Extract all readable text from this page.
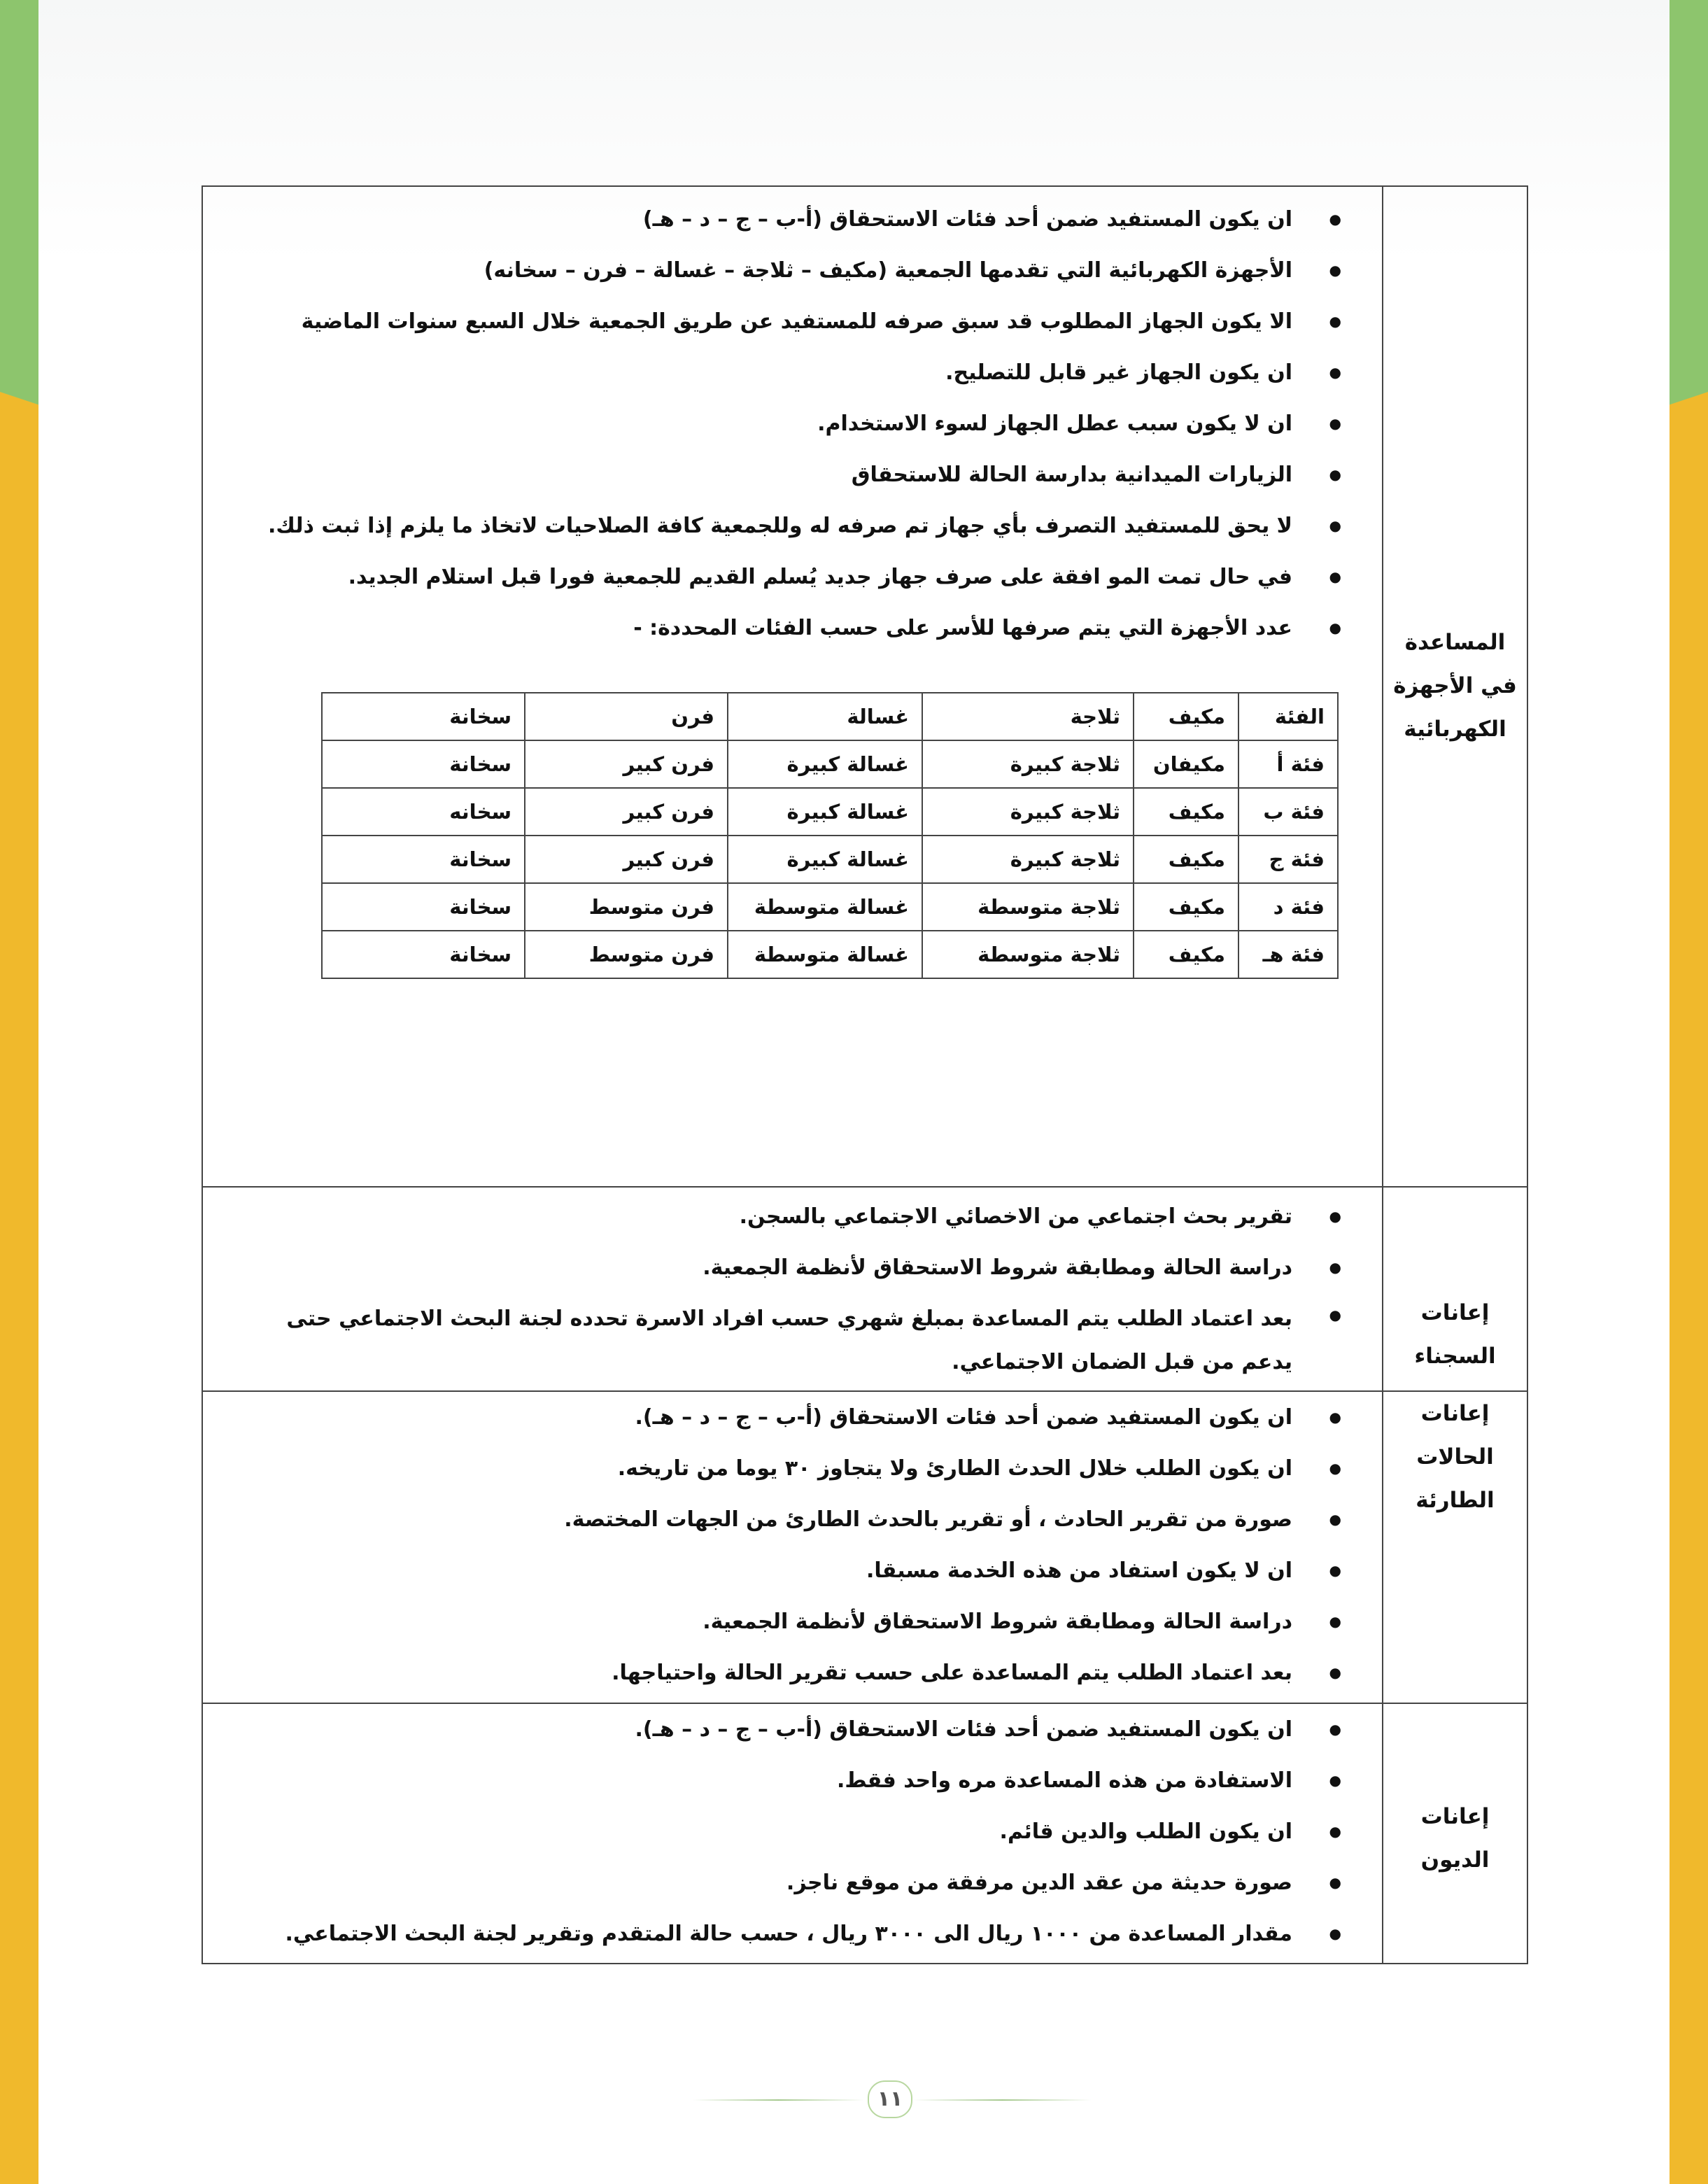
المساعدة في الأجهزة الكهربائية	
● ان يكون المستفيد ضمن أحد فئات الاستحقاق (أ-ب – ج – د – هـ)
● الأجهزة الكهربائية التي تقدمها الجمعية (مكيف – ثلاجة – غسالة – فرن – سخانه)
● الا يكون الجهاز المطلوب قد سبق صرفه للمستفيد عن طريق الجمعية خلال السبع سنوات الماضية
● ان يكون الجهاز غير قابل للتصليح.
● ان لا يكون سبب عطل الجهاز لسوء الاستخدام.
● الزيارات الميدانية بدارسة الحالة للاستحقاق
● لا يحق للمستفيد التصرف بأي جهاز تم صرفه له وللجمعية كافة الصلاحيات لاتخاذ ما يلزم إذا ثبت ذلك.
● في حال تمت المو افقة على صرف جهاز جديد يُسلم القديم للجمعية فورا قبل استلام الجديد.
● عدد الأجهزة التي يتم صرفها للأسر على حسب الفئات المحددة: -
الفئة	مكيف	ثلاجة	غسالة	فرن	سخانة
فئة أ	مكيفان	ثلاجة كبيرة	غسالة كبيرة	فرن كبير	سخانة
فئة ب	مكيف	ثلاجة كبيرة	غسالة كبيرة	فرن كبير	سخانه
فئة ج	مكيف	ثلاجة كبيرة	غسالة كبيرة	فرن كبير	سخانة
فئة د	مكيف	ثلاجة متوسطة	غسالة متوسطة	فرن متوسط	سخانة
فئة هـ	مكيف	ثلاجة متوسطة	غسالة متوسطة	فرن متوسط	سخانة

إعانات السجناء	
● تقرير بحث اجتماعي من الاخصائي الاجتماعي بالسجن.
● دراسة الحالة ومطابقة شروط الاستحقاق لأنظمة الجمعية.
● بعد اعتماد الطلب يتم المساعدة بمبلغ شهري حسب افراد الاسرة تحدده لجنة البحث الاجتماعي حتى يدعم من قبل الضمان الاجتماعي.

إعانات الحالات الطارئة	
● ان يكون المستفيد ضمن أحد فئات الاستحقاق (أ-ب – ج – د – هـ).
● ان يكون الطلب خلال الحدث الطارئ ولا يتجاوز ٣٠ يوما من تاريخه.
● صورة من تقرير الحادث ، أو تقرير بالحدث الطارئ من الجهات المختصة.
● ان لا يكون استفاد من هذه الخدمة مسبقا.
● دراسة الحالة ومطابقة شروط الاستحقاق لأنظمة الجمعية.
● بعد اعتماد الطلب يتم المساعدة على حسب تقرير الحالة واحتياجها.

إعانات الديون	
● ان يكون المستفيد ضمن أحد فئات الاستحقاق (أ-ب – ج – د – هـ).
● الاستفادة من هذه المساعدة مره واحد فقط.
● ان يكون الطلب والدين قائم.
● صورة حديثة من عقد الدين مرفقة من موقع ناجز.
● مقدار المساعدة من ١٠٠٠ ريال الى ٣٠٠٠ ريال ، حسب حالة المتقدم وتقرير لجنة البحث الاجتماعي.
١١
